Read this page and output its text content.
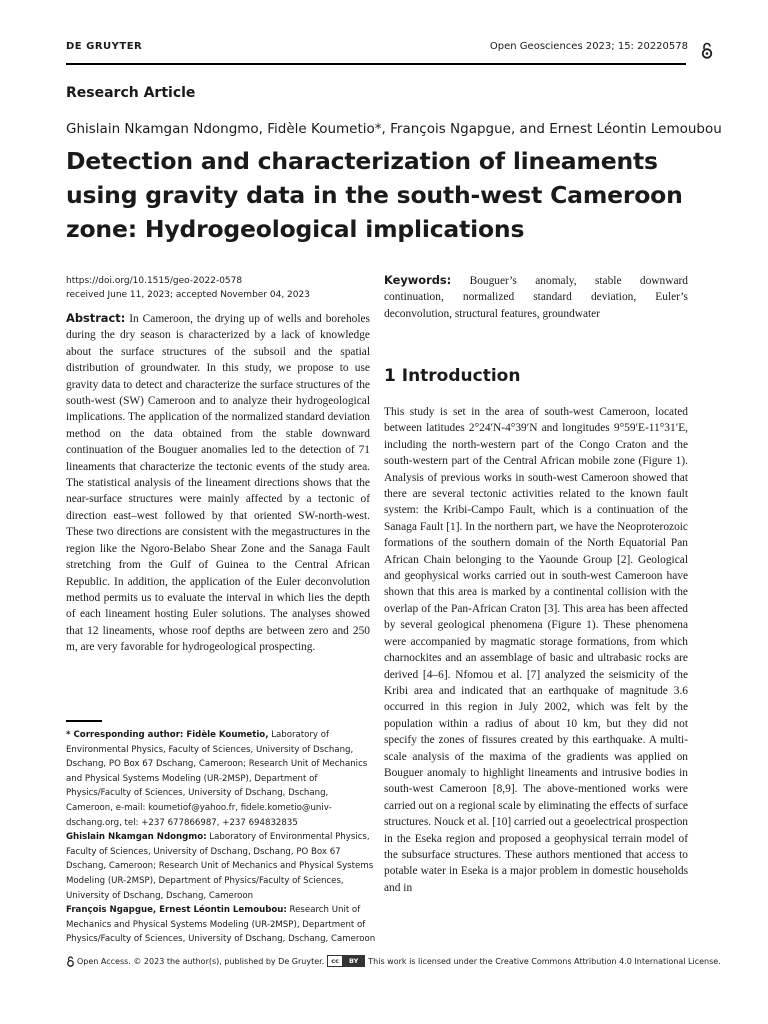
DE GRUYTER	Open Geosciences 2023; 15: 20220578
Research Article
Ghislain Nkamgan Ndongmo, Fidèle Koumetio*, François Ngapgue, and Ernest Léontin Lemoubou
Detection and characterization of lineaments using gravity data in the south-west Cameroon zone: Hydrogeological implications
https://doi.org/10.1515/geo-2022-0578
received June 11, 2023; accepted November 04, 2023

Abstract: In Cameroon, the drying up of wells and boreholes during the dry season is characterized by a lack of knowledge about the surface structures of the subsoil and the spatial distribution of groundwater. In this study, we propose to use gravity data to detect and characterize the surface structures of the south-west (SW) Cameroon and to analyze their hydrogeological implications. The application of the normalized standard deviation method on the data obtained from the stable downward continuation of the Bouguer anomalies led to the detection of 71 lineaments that characterize the tectonic events of the study area. The statistical analysis of the lineament directions shows that the near-surface structures were mainly affected by a tectonic of direction east–west followed by that oriented SW-north-west. These two directions are consistent with the megastructures in the region like the Ngoro-Belabo Shear Zone and the Sanaga Fault stretching from the Gulf of Guinea to the Central African Republic. In addition, the application of the Euler deconvolution method permits us to evaluate the interval in which lies the depth of each lineament hosting Euler solutions. The analyses showed that 12 lineaments, whose roof depths are between zero and 250 m, are very favorable for hydrogeological prospecting.

Keywords: Bouguer’s anomaly, stable downward continuation, normalized standard deviation, Euler’s deconvolution, structural features, groundwater

1 Introduction

This study is set in the area of south-west Cameroon, located between latitudes 2°24′N-4°39′N and longitudes 9°59′E-11°31′E, including the north-western part of the Congo Craton and the south-western part of the Central African mobile zone (Figure 1). Analysis of previous works in south-west Cameroon showed that there are several tectonic activities related to the known fault system: the Kribi-Campo Fault, which is a continuation of the Sanaga Fault [1]. In the northern part, we have the Neoproterozoic formations of the southern domain of the North Equatorial Pan African Chain belonging to the Yaounde Group [2]. Geological and geophysical works carried out in south-west Cameroon have shown that this area is marked by a continental collision with the overlap of the Pan-African Craton [3]. This area has been affected by several geological phenomena (Figure 1). These phenomena were accompanied by magmatic storage formations, from which charnockites and an assemblage of basic and ultrabasic rocks are derived [4–6]. Nfomou et al. [7] analyzed the seismicity of the Kribi area and indicated that an earthquake of magnitude 3.6 occurred in this region in July 2002, which was felt by the population within a radius of about 10 km, but they did not specify the zones of fissures created by this earthquake. A multi-scale analysis of the maxima of the gradients was applied on Bouguer anomaly to highlight lineaments and intrusive bodies in south-west Cameroon [8,9]. The above-mentioned works were carried out on a regional scale by eliminating the effects of surface structures. Nouck et al. [10] carried out a geoelectrical prospection in the Eseka region and proposed a geophysical terrain model of the subsurface structures. These authors mentioned that access to potable water in Eseka is a major problem in domestic households and in

* Corresponding author: Fidèle Koumetio, Laboratory of Environmental Physics, Faculty of Sciences, University of Dschang, Dschang, PO Box 67 Dschang, Cameroon; Research Unit of Mechanics and Physical Systems Modeling (UR-2MSP), Department of Physics/Faculty of Sciences, University of Dschang, Dschang, Cameroon, e-mail: koumetiof@yahoo.fr, fidele.kometio@univ-dschang.org, tel: +237 677866987, +237 694832835

Ghislain Nkamgan Ndongmo: Laboratory of Environmental Physics, Faculty of Sciences, University of Dschang, Dschang, PO Box 67 Dschang, Cameroon; Research Unit of Mechanics and Physical Systems Modeling (UR-2MSP), Department of Physics/Faculty of Sciences, University of Dschang, Dschang, Cameroon

François Ngapgue, Ernest Léontin Lemoubou: Research Unit of Mechanics and Physical Systems Modeling (UR-2MSP), Department of Physics/Faculty of Sciences, University of Dschang, Dschang, Cameroon

Open Access. © 2023 the author(s), published by De Gruyter.	cc	BY	This work is licensed under the Creative Commons Attribution 4.0 International License.
